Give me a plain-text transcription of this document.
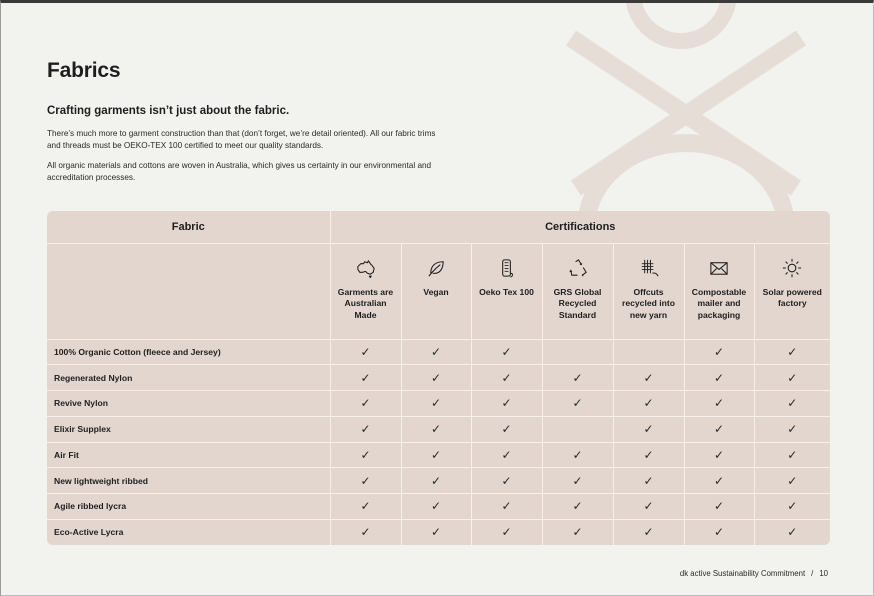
Fabrics
Crafting garments isn’t just about the fabric.

There’s much more to garment construction than that (don’t forget, we’re detail oriented). All our fabric trims and threads must be OEKO-TEX 100 certified to meet our quality standards.

All organic materials and cottons are woven in Australia, which gives us certainty in our environmental and accreditation processes.

Fabric	Certifications						

	Garments are Australian Made	Vegan	Oeko Tex 100	GRS Global Recycled Standard	Offcuts recycled into new yarn	Compostable mailer and packaging	Solar powered factory

100% Organic Cotton (fleece and Jersey)	✓	✓	✓			✓	✓
Regenerated Nylon	✓	✓	✓	✓	✓	✓	✓
Revive Nylon	✓	✓	✓	✓	✓	✓	✓
Elixir Supplex	✓	✓	✓		✓	✓	✓
Air Fit	✓	✓	✓	✓	✓	✓	✓
New lightweight ribbed	✓	✓	✓	✓	✓	✓	✓
Agile ribbed lycra	✓	✓	✓	✓	✓	✓	✓
Eco-Active Lycra	✓	✓	✓	✓	✓	✓	✓
dk active Sustainability Commitment / 10
